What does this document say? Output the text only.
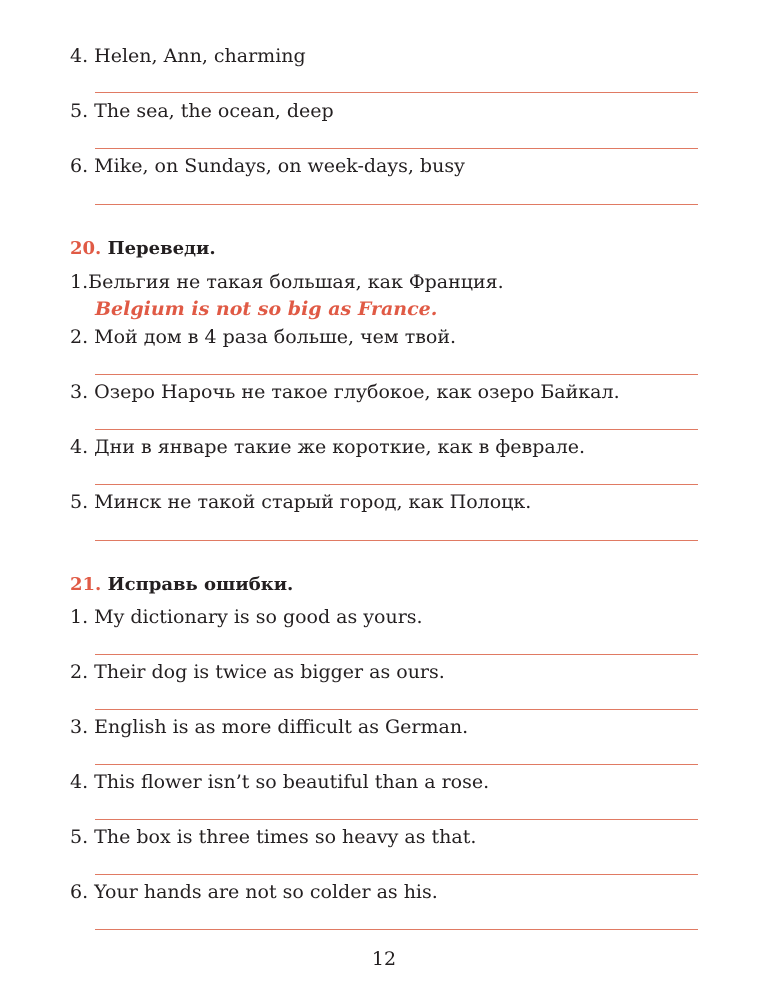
4. Helen, Ann, charming
5. The sea, the ocean, deep
6. Mike, on Sundays, on week-days, busy
20. Переведи.
1.Бельгия не такая большая, как Франция.
Belgium is not so big as France.
2. Мой дом в 4 раза больше, чем твой.
3. Озеро Нарочь не такое глубокое, как озеро Байкал.
4. Дни в январе такие же короткие, как в феврале.
5. Минск не такой старый город, как Полоцк.
21. Исправь ошибки.
1. My dictionary is so good as yours.
2. Their dog is twice as bigger as ours.
3. English is as more difficult as German.
4. This flower isn’t so beautiful than a rose.
5. The box is three times so heavy as that.
6. Your hands are not so colder as his.
12
